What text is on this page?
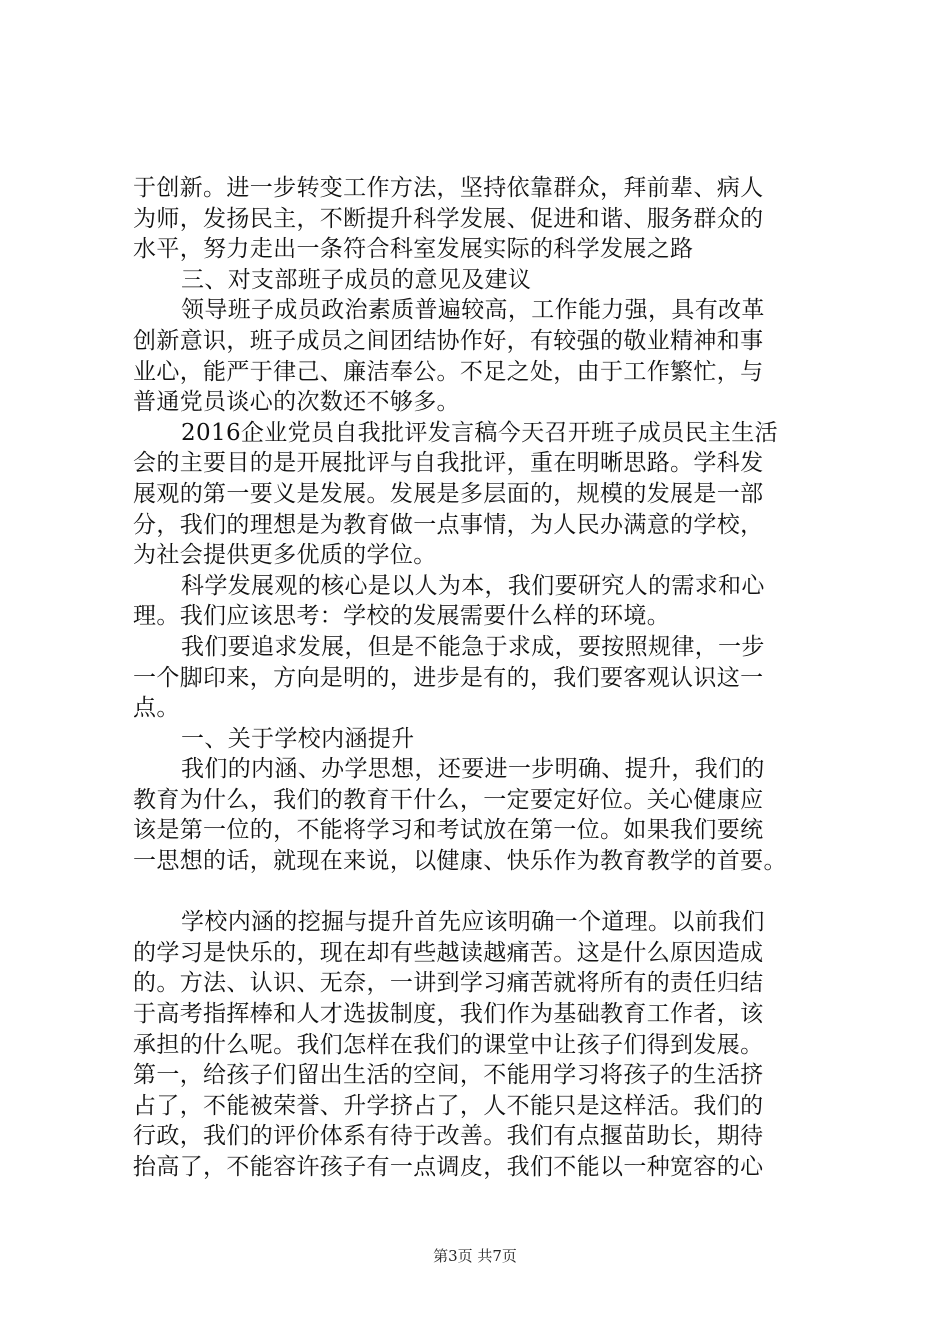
于创新。进一步转变工作方法，坚持依靠群众，拜前辈、病人
为师，发扬民主，不断提升科学发展、促进和谐、服务群众的
水平，努力走出一条符合科室发展实际的科学发展之路
三、对支部班子成员的意见及建议
领导班子成员政治素质普遍较高，工作能力强，具有改革
创新意识，班子成员之间团结协作好，有较强的敬业精神和事
业心，能严于律己、廉洁奉公。不足之处，由于工作繁忙，与
普通党员谈心的次数还不够多。
2016企业党员自我批评发言稿今天召开班子成员民主生活
会的主要目的是开展批评与自我批评，重在明晰思路。学科发
展观的第一要义是发展。发展是多层面的，规模的发展是一部
分，我们的理想是为教育做一点事情，为人民办满意的学校，
为社会提供更多优质的学位。
科学发展观的核心是以人为本，我们要研究人的需求和心
理。我们应该思考：学校的发展需要什么样的环境。
我们要追求发展，但是不能急于求成，要按照规律，一步
一个脚印来，方向是明的，进步是有的，我们要客观认识这一
点。
一、关于学校内涵提升
我们的内涵、办学思想，还要进一步明确、提升，我们的
教育为什么，我们的教育干什么，一定要定好位。关心健康应
该是第一位的，不能将学习和考试放在第一位。如果我们要统
一思想的话，就现在来说，以健康、快乐作为教育教学的首要。
学校内涵的挖掘与提升首先应该明确一个道理。以前我们
的学习是快乐的，现在却有些越读越痛苦。这是什么原因造成
的。方法、认识、无奈，一讲到学习痛苦就将所有的责任归结
于高考指挥棒和人才选拔制度，我们作为基础教育工作者，该
承担的什么呢。我们怎样在我们的课堂中让孩子们得到发展。
第一，给孩子们留出生活的空间，不能用学习将孩子的生活挤
占了，不能被荣誉、升学挤占了，人不能只是这样活。我们的
行政，我们的评价体系有待于改善。我们有点揠苗助长，期待
抬高了，不能容许孩子有一点调皮，我们不能以一种宽容的心
第3页 共7页
